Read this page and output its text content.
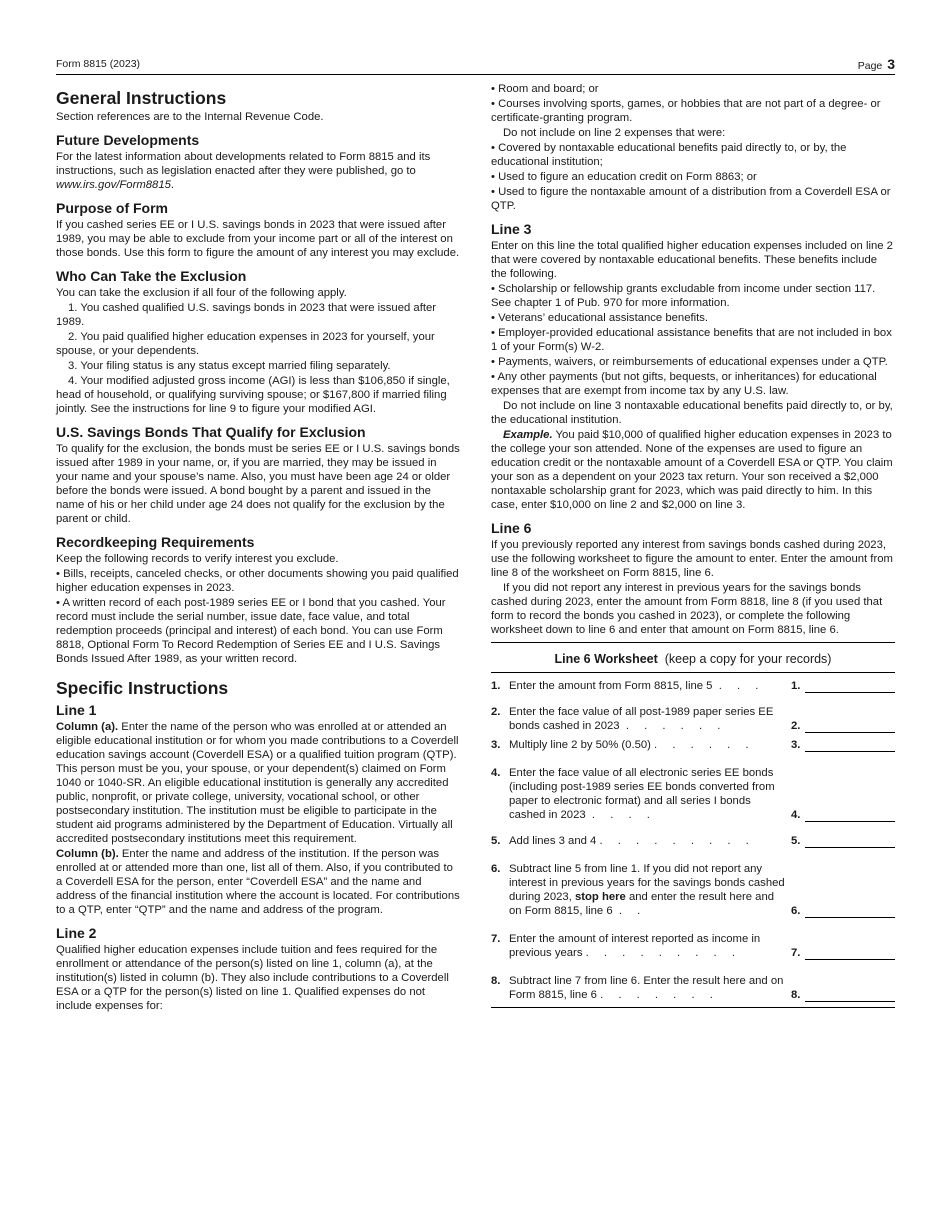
Form 8815 (2023)	Page 3
General Instructions

Section references are to the Internal Revenue Code.

Future Developments

For the latest information about developments related to Form 8815 and its instructions, such as legislation enacted after they were published, go to www.irs.gov/Form8815.

Purpose of Form

If you cashed series EE or I U.S. savings bonds in 2023 that were issued after 1989, you may be able to exclude from your income part or all of the interest on those bonds. Use this form to figure the amount of any interest you may exclude.

Who Can Take the Exclusion

You can take the exclusion if all four of the following apply.

1. You cashed qualified U.S. savings bonds in 2023 that were issued after 1989.

2. You paid qualified higher education expenses in 2023 for yourself, your spouse, or your dependents.

3. Your filing status is any status except married filing separately.

4. Your modified adjusted gross income (AGI) is less than $106,850 if single, head of household, or qualifying surviving spouse; or $167,800 if married filing jointly. See the instructions for line 9 to figure your modified AGI.

U.S. Savings Bonds That Qualify for Exclusion

To qualify for the exclusion, the bonds must be series EE or I U.S. savings bonds issued after 1989 in your name, or, if you are married, they may be issued in your name and your spouse’s name. Also, you must have been age 24 or older before the bonds were issued. A bond bought by a parent and issued in the name of his or her child under age 24 does not qualify for the exclusion by the parent or child.

Recordkeeping Requirements

Keep the following records to verify interest you exclude.

• Bills, receipts, canceled checks, or other documents showing you paid qualified higher education expenses in 2023.

• A written record of each post-1989 series EE or I bond that you cashed. Your record must include the serial number, issue date, face value, and total redemption proceeds (principal and interest) of each bond. You can use Form 8818, Optional Form To Record Redemption of Series EE and I U.S. Savings Bonds Issued After 1989, as your written record.

Specific Instructions
Line 1

Column (a). Enter the name of the person who was enrolled at or attended an eligible educational institution or for whom you made contributions to a Coverdell education savings account (Coverdell ESA) or a qualified tuition program (QTP). This person must be you, your spouse, or your dependent(s) claimed on Form 1040 or 1040-SR. An eligible educational institution is generally any accredited public, nonprofit, or private college, university, vocational school, or other postsecondary institution. The institution must be eligible to participate in the student aid programs administered by the Department of Education. Virtually all accredited postsecondary institutions meet this requirement.

Column (b). Enter the name and address of the institution. If the person was enrolled at or attended more than one, list all of them. Also, if you contributed to a Coverdell ESA for the person, enter “Coverdell ESA” and the name and address of the financial institution where the account is located. For contributions to a QTP, enter “QTP” and the name and address of the program.

Line 2

Qualified higher education expenses include tuition and fees required for the enrollment or attendance of the person(s) listed on line 1, column (a), at the institution(s) listed in column (b). They also include contributions to a Coverdell ESA or a QTP for the person(s) listed on line 1. Qualified expenses do not include expenses for:

• Room and board; or

• Courses involving sports, games, or hobbies that are not part of a degree- or certificate-granting program.

Do not include on line 2 expenses that were:

• Covered by nontaxable educational benefits paid directly to, or by, the educational institution;

• Used to figure an education credit on Form 8863; or

• Used to figure the nontaxable amount of a distribution from a Coverdell ESA or QTP.

Line 3

Enter on this line the total qualified higher education expenses included on line 2 that were covered by nontaxable educational benefits. These benefits include the following.

• Scholarship or fellowship grants excludable from income under section 117. See chapter 1 of Pub. 970 for more information.

• Veterans’ educational assistance benefits.

• Employer-provided educational assistance benefits that are not included in box 1 of your Form(s) W-2.

• Payments, waivers, or reimbursements of educational expenses under a QTP.

• Any other payments (but not gifts, bequests, or inheritances) for educational expenses that are exempt from income tax by any U.S. law.

Do not include on line 3 nontaxable educational benefits paid directly to, or by, the educational institution.

Example. You paid $10,000 of qualified higher education expenses in 2023 to the college your son attended. None of the expenses are used to figure an education credit or the nontaxable amount of a Coverdell ESA or QTP. You claim your son as a dependent on your 2023 tax return. Your son received a $2,000 nontaxable scholarship grant for 2023, which was paid directly to him. In this case, enter $10,000 on line 2 and $2,000 on line 3.

Line 6

If you previously reported any interest from savings bonds cashed during 2023, use the following worksheet to figure the amount to enter. Enter the amount from line 8 of the worksheet on Form 8815, line 6.

If you did not report any interest in previous years for the savings bonds cashed during 2023, enter the amount from Form 8818, line 8 (if you used that form to record the bonds you cashed in 2023), or complete the following worksheet down to line 6 and enter that amount on Form 8815, line 6.

Line 6 Worksheet (keep a copy for your records)
1. Enter the amount from Form 8815, line 5 . . .	1.
2. Enter the face value of all post-1989 paper series EE bonds cashed in 2023 . . . . . .	2.
3. Multiply line 2 by 50% (0.50) . . . . . .	3.
4. Enter the face value of all electronic series EE bonds (including post-1989 series EE bonds converted from paper to electronic format) and all series I bonds cashed in 2023 . . . .	4.
5. Add lines 3 and 4 . . . . . . . . .	5.
6. Subtract line 5 from line 1. If you did not report any interest in previous years for the savings bonds cashed during 2023, stop here and enter the result here and on Form 8815, line 6 . .	6.
7. Enter the amount of interest reported as income in previous years . . . . . . . . .	7.
8. Subtract line 7 from line 6. Enter the result here and on Form 8815, line 6 . . . . . . .	8.
